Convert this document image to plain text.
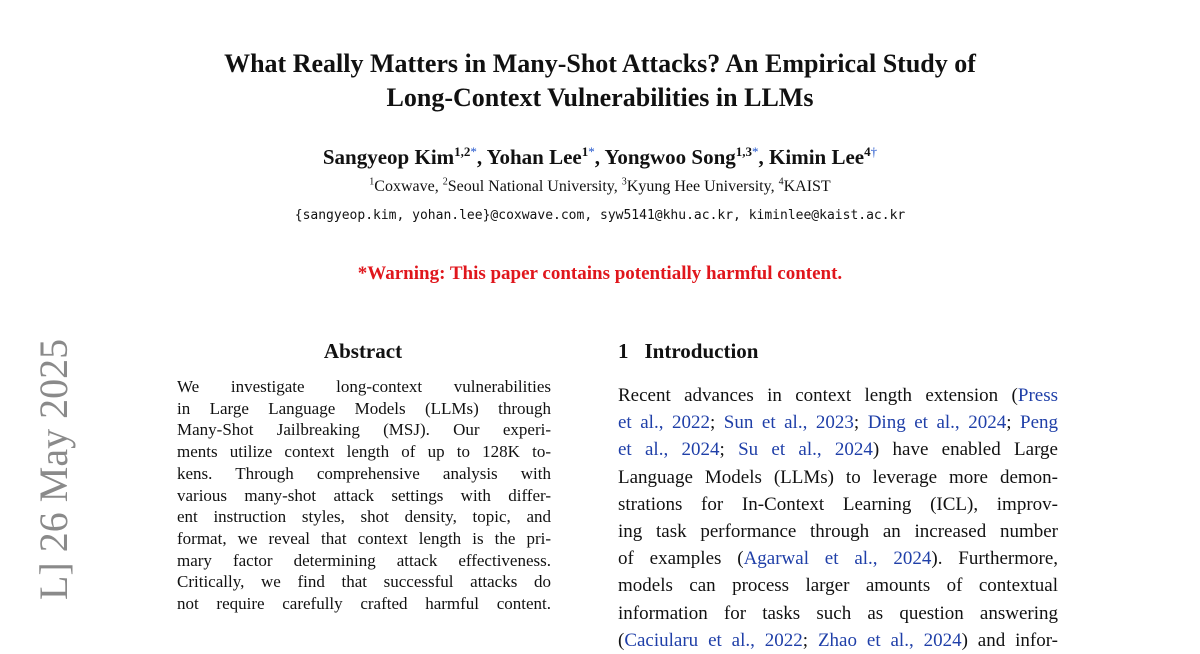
What Really Matters in Many-Shot Attacks? An Empirical Study of
Long-Context Vulnerabilities in LLMs
Sangyeop Kim$^{1,2*}$, Yohan Lee$^{1*}$, Yongwoo Song$^{1,3*}$, Kimin Lee$^{4\dagger}$
$^1$Coxwave, $^2$Seoul National University, $^3$Kyung Hee University, $^4$KAIST
{sangyeop.kim, yohan.lee}@coxwave.com, syw5141@khu.ac.kr, kiminlee@kaist.ac.kr
*Warning: This paper contains potentially harmful content.
L] 26 May 2025	Abstract
We investigate long-context vulnerabilities
in Large Language Models (LLMs) through
Many-Shot Jailbreaking (MSJ). Our experi-
ments utilize context length of up to 128K to-
kens. Through comprehensive analysis with
various many-shot attack settings with differ-
ent instruction styles, shot density, topic, and
format, we reveal that context length is the pri-
mary factor determining attack effectiveness.
Critically, we find that successful attacks do
not require carefully crafted harmful content.
1 Introduction
Recent advances in context length extension (Press
et al., 2022; Sun et al., 2023; Ding et al., 2024; Peng
et al., 2024; Su et al., 2024) have enabled Large
Language Models (LLMs) to leverage more demon-
strations for In-Context Learning (ICL), improv-
ing task performance through an increased number
of examples (Agarwal et al., 2024). Furthermore,
models can process larger amounts of contextual
information for tasks such as question answering
(Caciularu et al., 2022; Zhao et al., 2024) and infor-
